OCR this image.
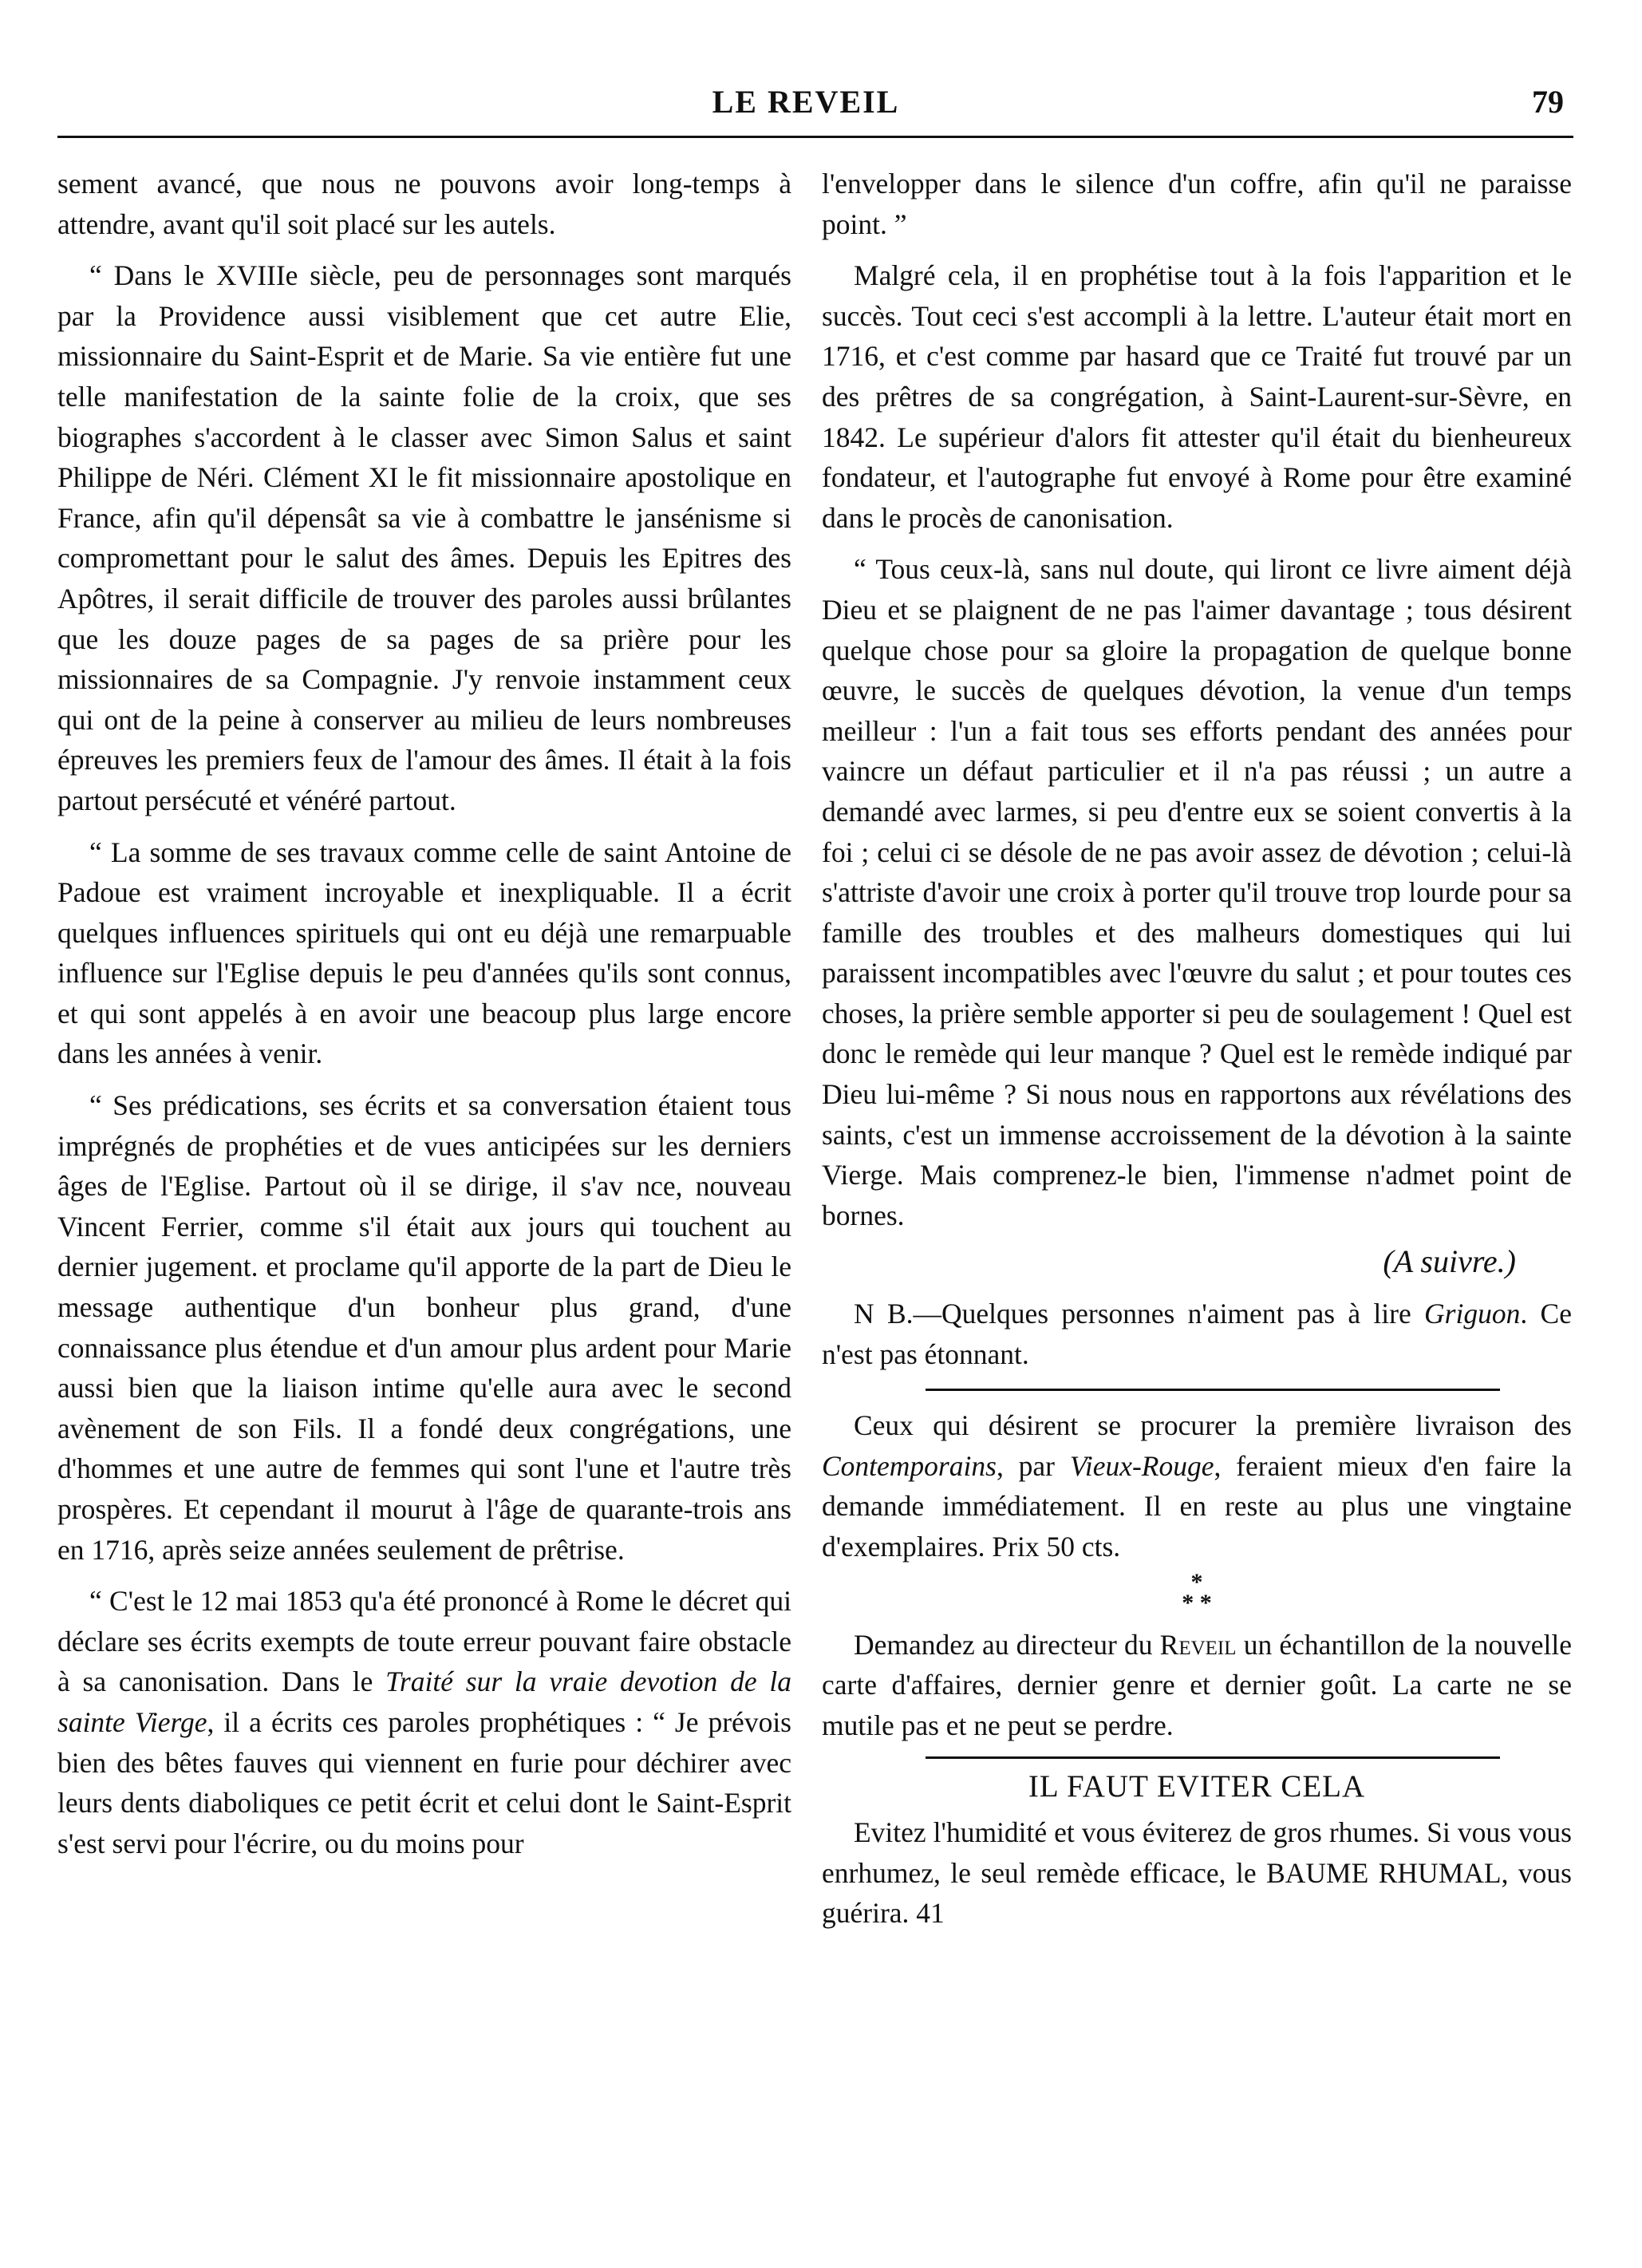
LE REVEIL	79

sement avancé, que nous ne pouvons avoir long-temps à attendre, avant qu'il soit placé sur les autels.

“ Dans le XVIIIe siècle, peu de personnages sont marqués par la Providence aussi visiblement que cet autre Elie, missionnaire du Saint-Esprit et de Marie. Sa vie entière fut une telle manifestation de la sainte folie de la croix, que ses biographes s'accordent à le classer avec Simon Salus et saint Philippe de Néri. Clément XI le fit missionnaire apostolique en France, afin qu'il dépensât sa vie à combattre le jansénisme si compromettant pour le salut des âmes. Depuis les Epitres des Apôtres, il serait difficile de trouver des paroles aussi brûlantes que les douze pages de sa pages de sa prière pour les missionnaires de sa Compagnie. J'y renvoie instamment ceux qui ont de la peine à conserver au milieu de leurs nombreuses épreuves les premiers feux de l'amour des âmes. Il était à la fois partout persécuté et vénéré partout.

“ La somme de ses travaux comme celle de saint Antoine de Padoue est vraiment incroyable et inexpliquable. Il a écrit quelques influences spirituels qui ont eu déjà une remarpuable influence sur l'Eglise depuis le peu d'années qu'ils sont connus, et qui sont appelés à en avoir une beacoup plus large encore dans les années à venir.

“ Ses prédications, ses écrits et sa conversation étaient tous imprégnés de prophéties et de vues anticipées sur les derniers âges de l'Eglise. Partout où il se dirige, il s'av nce, nouveau Vincent Ferrier, comme s'il était aux jours qui touchent au dernier jugement. et proclame qu'il apporte de la part de Dieu le message authentique d'un bonheur plus grand, d'une connaissance plus étendue et d'un amour plus ardent pour Marie aussi bien que la liaison intime qu'elle aura avec le second avènement de son Fils. Il a fondé deux congrégations, une d'hommes et une autre de femmes qui sont l'une et l'autre très prospères. Et cependant il mourut à l'âge de quarante-trois ans en 1716, après seize années seulement de prêtrise.

“ C'est le 12 mai 1853 qu'a été prononcé à Rome le décret qui déclare ses écrits exempts de toute erreur pouvant faire obstacle à sa canonisation. Dans le Traité sur la vraie devotion de la sainte Vierge, il a écrits ces paroles prophétiques : “ Je prévois bien des bêtes fauves qui viennent en furie pour déchirer avec leurs dents diaboliques ce petit écrit et celui dont le Saint-Esprit s'est servi pour l'écrire, ou du moins pour

l'envelopper dans le silence d'un coffre, afin qu'il ne paraisse point. ”

Malgré cela, il en prophétise tout à la fois l'apparition et le succès. Tout ceci s'est accompli à la lettre. L'auteur était mort en 1716, et c'est comme par hasard que ce Traité fut trouvé par un des prêtres de sa congrégation, à Saint-Laurent-sur-Sèvre, en 1842. Le supérieur d'alors fit attester qu'il était du bienheureux fondateur, et l'autographe fut envoyé à Rome pour être examiné dans le procès de canonisation.

“ Tous ceux-là, sans nul doute, qui liront ce livre aiment déjà Dieu et se plaignent de ne pas l'aimer davantage ; tous désirent quelque chose pour sa gloire la propagation de quelque bonne œuvre, le succès de quelques dévotion, la venue d'un temps meilleur : l'un a fait tous ses efforts pendant des années pour vaincre un défaut particulier et il n'a pas réussi ; un autre a demandé avec larmes, si peu d'entre eux se soient convertis à la foi ; celui ci se désole de ne pas avoir assez de dévotion ; celui-là s'attriste d'avoir une croix à porter qu'il trouve trop lourde pour sa famille des troubles et des malheurs domestiques qui lui paraissent incompatibles avec l'œuvre du salut ; et pour toutes ces choses, la prière semble apporter si peu de soulagement ! Quel est donc le remède qui leur manque ? Quel est le remède indiqué par Dieu lui-même ? Si nous nous en rapportons aux révélations des saints, c'est un immense accroissement de la dévotion à la sainte Vierge. Mais comprenez-le bien, l'immense n'admet point de bornes.

(A suivre.)

N B.—Quelques personnes n'aiment pas à lire Griguon. Ce n'est pas étonnant.

Ceux qui désirent se procurer la première livraison des Contemporains, par Vieux-Rouge, feraient mieux d'en faire la demande immédiatement. Il en reste au plus une vingtaine d'exemplaires. Prix 50 cts.

*
* *

Demandez au directeur du Reveil un échantillon de la nouvelle carte d'affaires, dernier genre et dernier goût. La carte ne se mutile pas et ne peut se perdre.

IL FAUT EVITER CELA

Evitez l'humidité et vous éviterez de gros rhumes. Si vous vous enrhumez, le seul remède efficace, le BAUME RHUMAL, vous guérira. 41
